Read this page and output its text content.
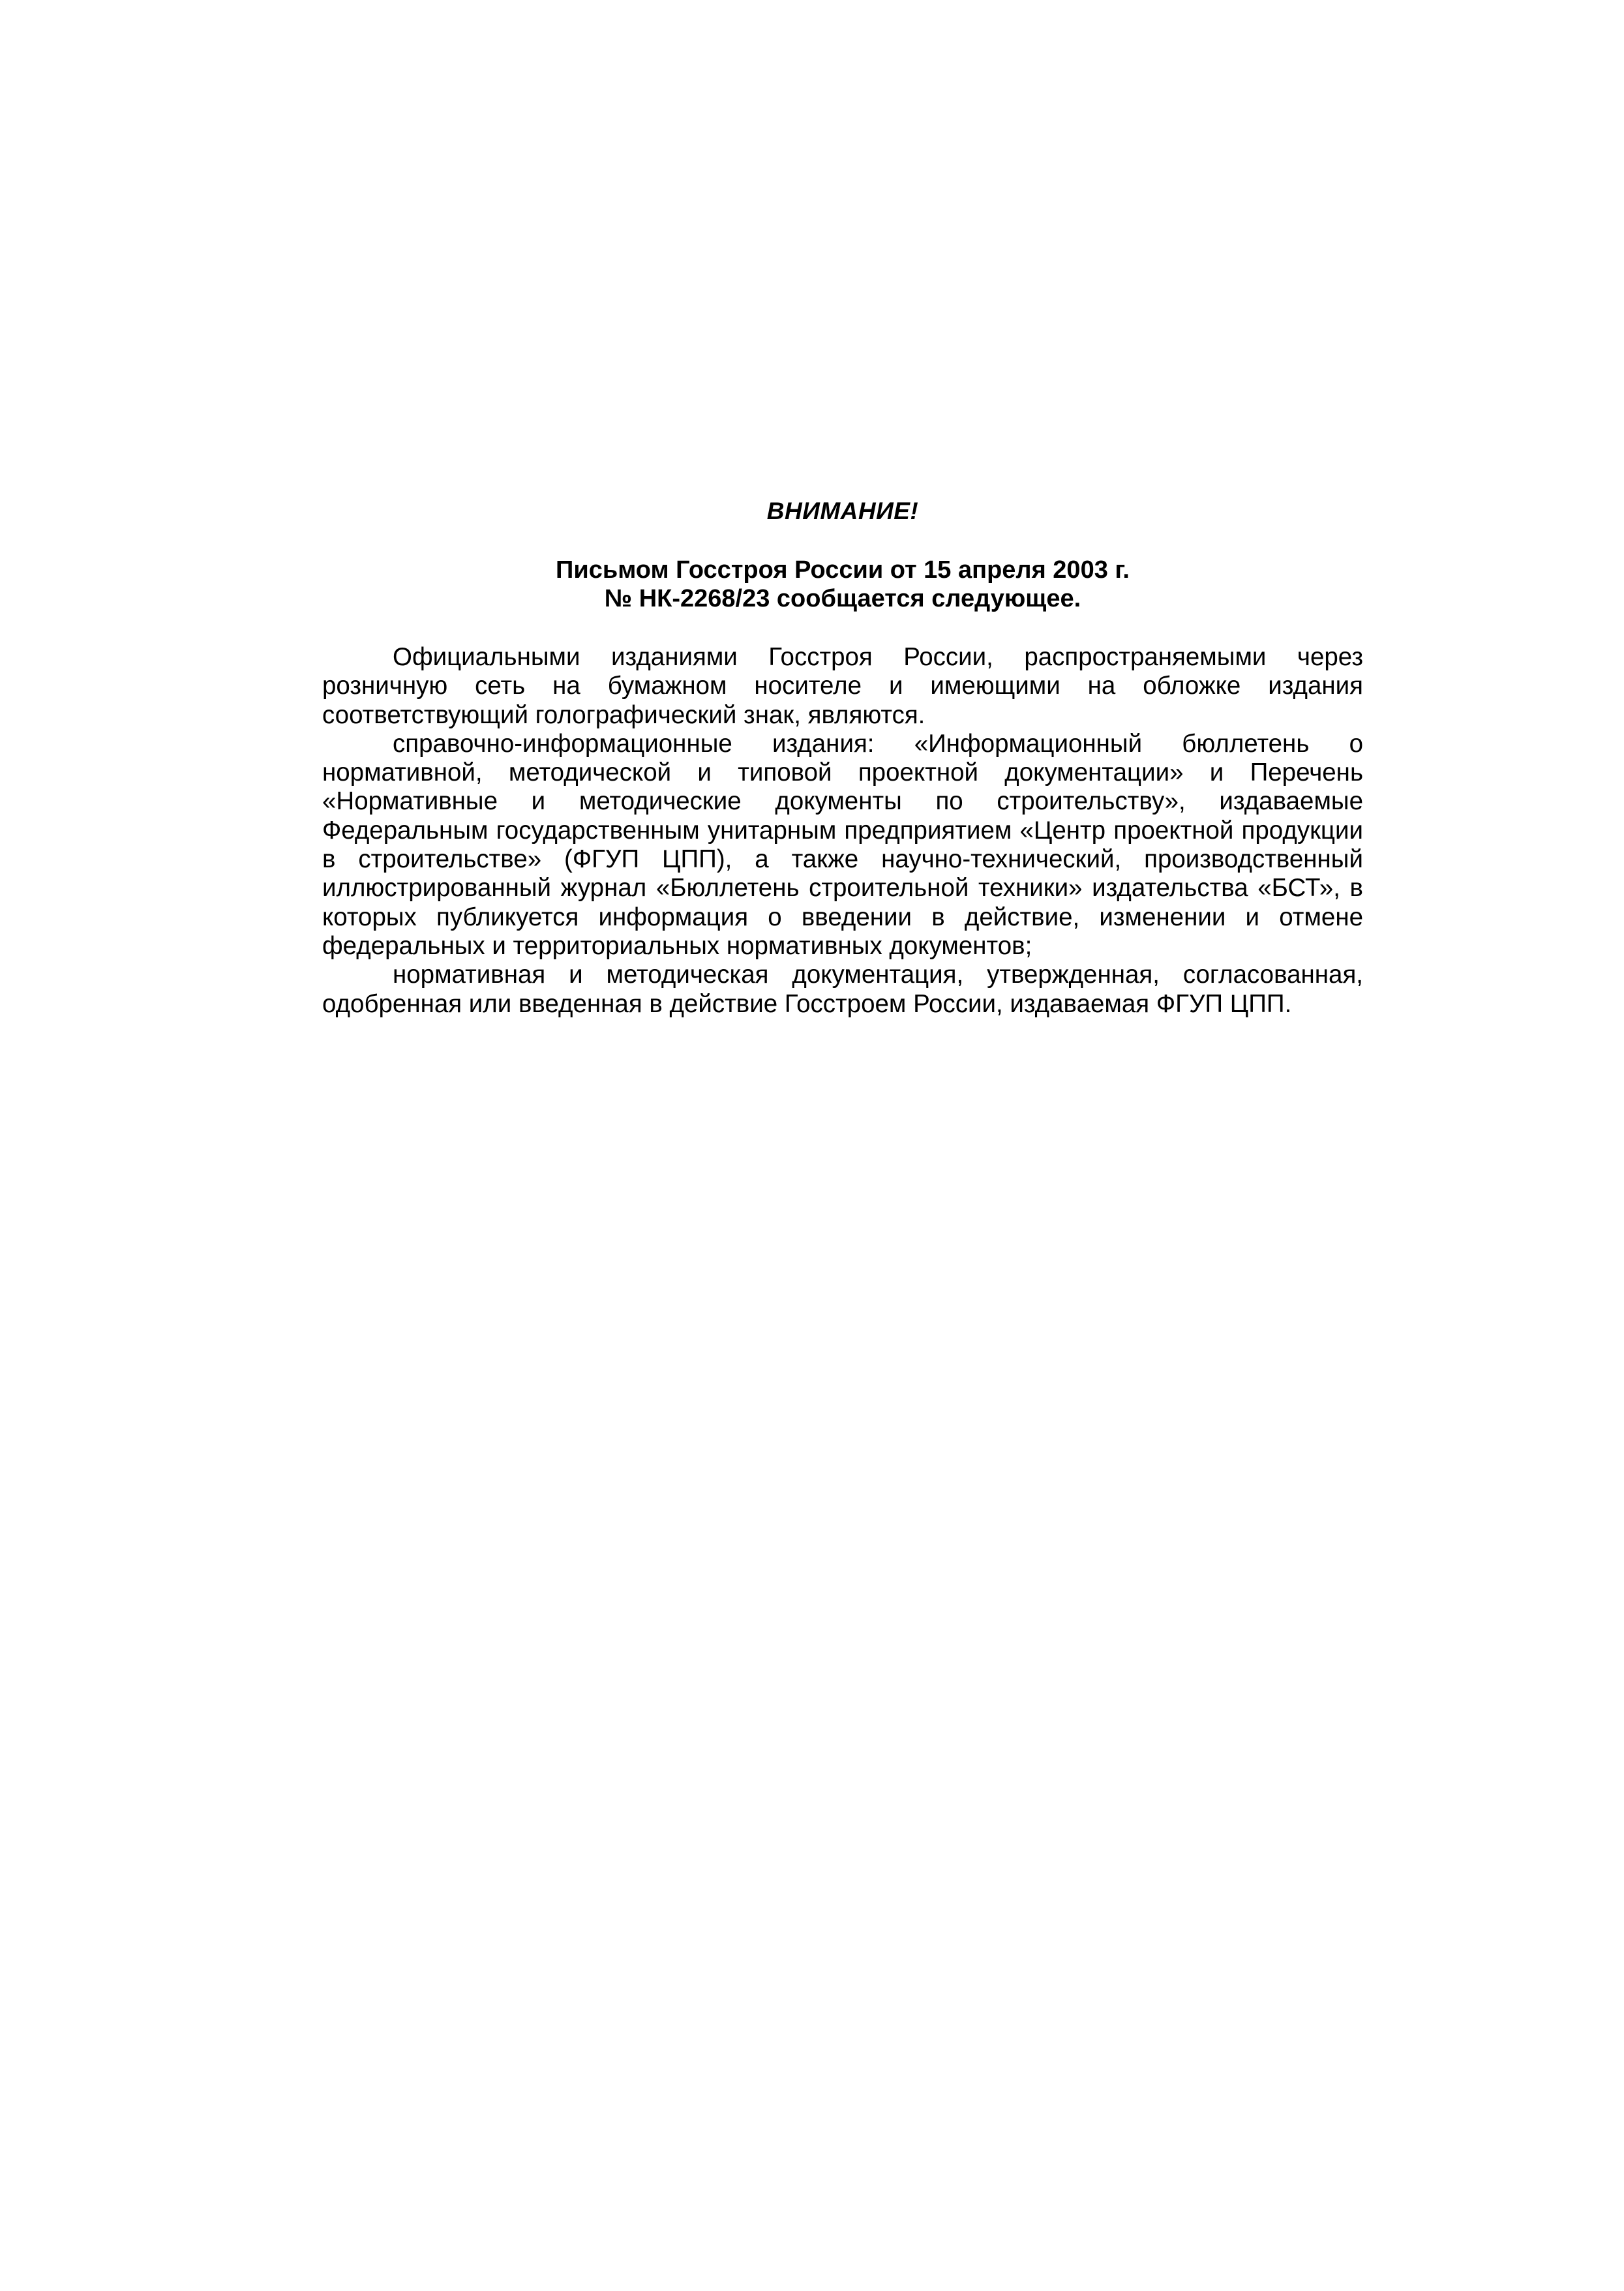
ВНИМАНИЕ!
Письмом Госстроя России от 15 апреля 2003 г.
№ НК-2268/23 сообщается следующее.

Официальными изданиями Госстроя России, распространяемыми через розничную сеть на бумажном носителе и имеющими на обложке издания соответствующий голографический знак, являются.

справочно-информационные издания: «Информационный бюллетень о нормативной, методической и типовой проектной документации» и Перечень «Нормативные и методические документы по строительству», издаваемые Федеральным государственным унитарным предприятием «Центр проектной продукции в строительстве» (ФГУП ЦПП), а также научно-технический, производственный иллюстрированный журнал «Бюллетень строительной техники» издательства «БСТ», в которых публикуется информация о введении в действие, изменении и отмене федеральных и территориальных нормативных документов;

нормативная и методическая документация, утвержденная, согласованная, одобренная или введенная в действие Госстроем России, издаваемая ФГУП ЦПП.
